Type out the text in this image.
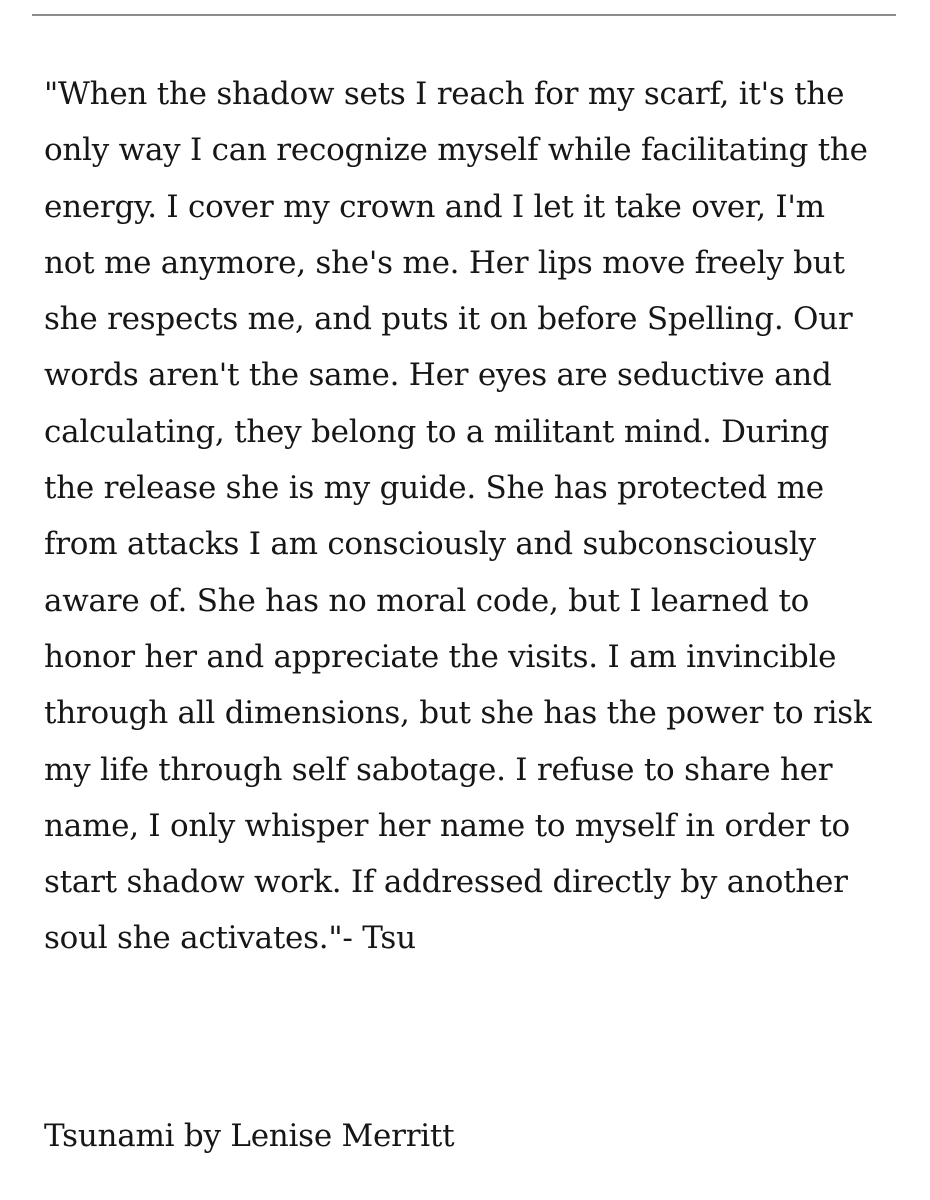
"When the shadow sets I reach for my scarf, it's the
only way I can recognize myself while facilitating the
energy. I cover my crown and I let it take over, I'm
not me anymore, she's me. Her lips move freely but
she respects me, and puts it on before Spelling. Our
words aren't the same. Her eyes are seductive and
calculating, they belong to a militant mind. During
the release she is my guide. She has protected me
from attacks I am consciously and subconsciously
aware of. She has no moral code, but I learned to
honor her and appreciate the visits. I am invincible
through all dimensions, but she has the power to risk
my life through self sabotage. I refuse to share her
name, I only whisper her name to myself in order to
start shadow work. If addressed directly by another
soul she activates."- Tsu
Tsunami by Lenise Merritt
